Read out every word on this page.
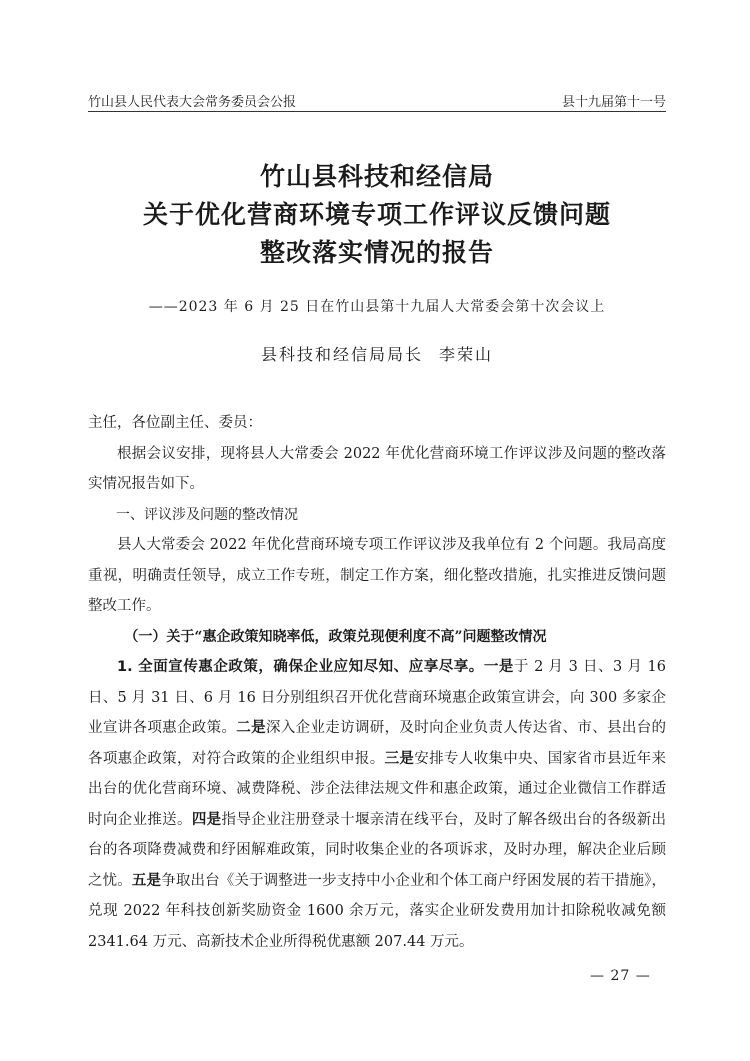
竹山县人民代表大会常务委员会公报	县十九届第十一号
竹山县科技和经信局
关于优化营商环境专项工作评议反馈问题
整改落实情况的报告
——2023 年 6 月 25 日在竹山县第十九届人大常委会第十次会议上
县科技和经信局局长 李荣山

主任，各位副主任、委员：

根据会议安排，现将县人大常委会 2022 年优化营商环境工作评议涉及问题的整改落实情况报告如下。

一、评议涉及问题的整改情况

县人大常委会 2022 年优化营商环境专项工作评议涉及我单位有 2 个问题。我局高度重视，明确责任领导，成立工作专班，制定工作方案，细化整改措施，扎实推进反馈问题整改工作。

（一）关于“惠企政策知晓率低，政策兑现便利度不高”问题整改情况

1. 全面宣传惠企政策，确保企业应知尽知、应享尽享。一是于 2 月 3 日、3 月 16 日、5 月 31 日、6 月 16 日分别组织召开优化营商环境惠企政策宣讲会，向 300 多家企业宣讲各项惠企政策。二是深入企业走访调研，及时向企业负责人传达省、市、县出台的各项惠企政策，对符合政策的企业组织申报。三是安排专人收集中央、国家省市县近年来出台的优化营商环境、减费降税、涉企法律法规文件和惠企政策，通过企业微信工作群适时向企业推送。四是指导企业注册登录十堰亲清在线平台，及时了解各级出台的各级新出台的各项降费减费和纾困解难政策，同时收集企业的各项诉求，及时办理，解决企业后顾之忧。五是争取出台《关于调整进一步支持中小企业和个体工商户纾困发展的若干措施》，兑现 2022 年科技创新奖励资金 1600 余万元，落实企业研发费用加计扣除税收减免额 2341.64 万元、高新技术企业所得税优惠额 207.44 万元。

— 27 —
